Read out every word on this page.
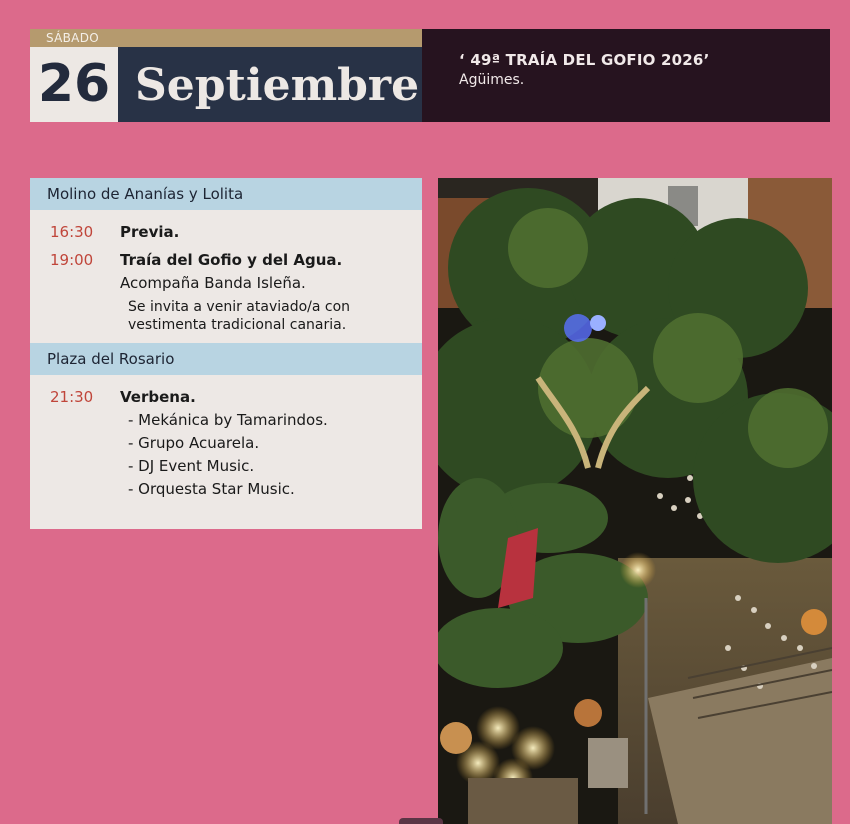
SÁBADO
26 Septiembre	‘ 49ª TRAÍA DEL GOFIO 2026’
Agüimes.
Molino de Ananías y Lolita
16:30	Previa.
19:00	Traía del Gofio y del Agua.
Acompaña Banda Isleña.
Se invita a venir ataviado/a con vestimenta tradicional canaria.
Plaza del Rosario
21:30	Verbena.
- Mekánica by Tamarindos.
- Grupo Acuarela.
- DJ Event Music.
- Orquesta Star Music.
